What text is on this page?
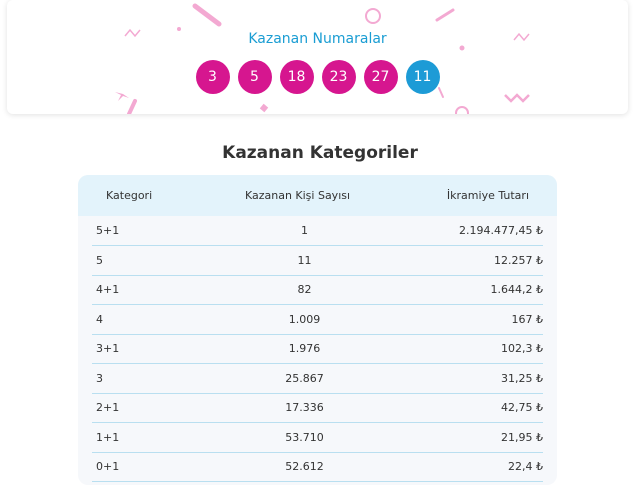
Kazanan Numaralar
3	5	18	23	27	11
Kazanan Kategoriler
Kategori	Kazanan Kişi Sayısı	İkramiye Tutarı
5+1	1	2.194.477,45 ₺
5	11	12.257 ₺
4+1	82	1.644,2 ₺
4	1.009	167 ₺
3+1	1.976	102,3 ₺
3	25.867	31,25 ₺
2+1	17.336	42,75 ₺
1+1	53.710	21,95 ₺
0+1	52.612	22,4 ₺
